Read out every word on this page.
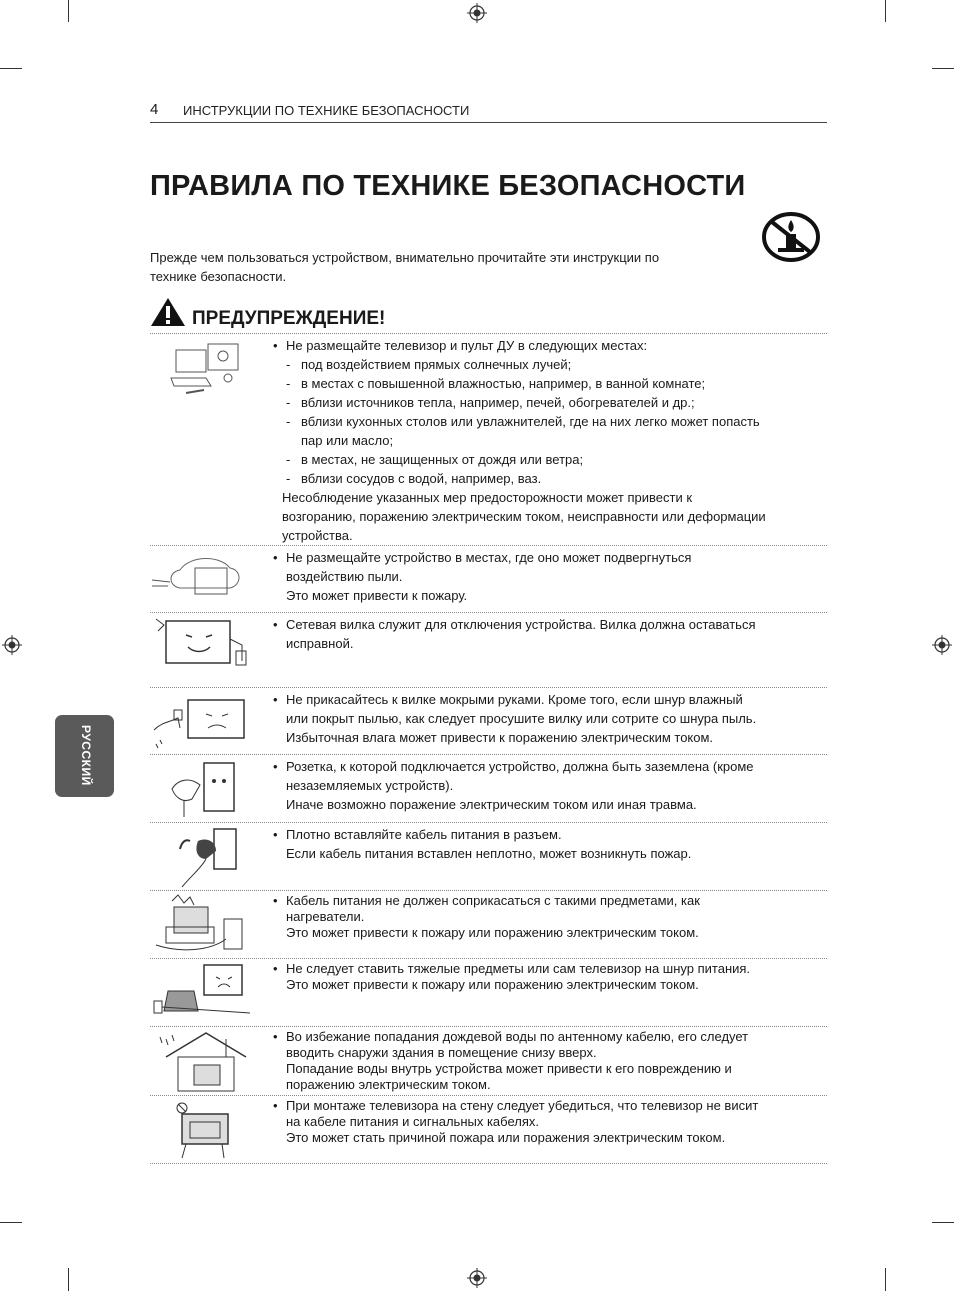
4 ИНСТРУКЦИИ ПО ТЕХНИКЕ БЕЗОПАСНОСТИ
ПРАВИЛА ПО ТЕХНИКЕ БЕЗОПАСНОСТИ
Прежде чем пользоваться устройством, внимательно прочитайте эти инструкции по
технике безопасности.
ПРЕДУПРЕЖДЕНИЕ!
РУССКИЙ
• Не размещайте телевизор и пульт ДУ в следующих местах:
- под воздействием прямых солнечных лучей;
- в местах с повышенной влажностью, например, в ванной комнате;
- вблизи источников тепла, например, печей, обогревателей и др.;
- вблизи кухонных столов или увлажнителей, где на них легко может попасть
пар или масло;
- в местах, не защищенных от дождя или ветра;
- вблизи сосудов с водой, например, ваз.
Несоблюдение указанных мер предосторожности может привести к
возгоранию, поражению электрическим током, неисправности или деформации
устройства.
• Не размещайте устройство в местах, где оно может подвергнуться
воздействию пыли.
Это может привести к пожару.
• Сетевая вилка служит для отключения устройства. Вилка должна оставаться
исправной.
• Не прикасайтесь к вилке мокрыми руками. Кроме того, если шнур влажный
или покрыт пылью, как следует просушите вилку или сотрите со шнура пыль.
Избыточная влага может привести к поражению электрическим током.
• Розетка, к которой подключается устройство, должна быть заземлена (кроме
незаземляемых устройств).
Иначе возможно поражение электрическим током или иная травма.
• Плотно вставляйте кабель питания в разъем.
Если кабель питания вставлен неплотно, может возникнуть пожар.
• Кабель питания не должен соприкасаться с такими предметами, как
нагреватели.
Это может привести к пожару или поражению электрическим током.
• Не следует ставить тяжелые предметы или сам телевизор на шнур питания.
Это может привести к пожару или поражению электрическим током.
• Во избежание попадания дождевой воды по антенному кабелю, его следует
вводить снаружи здания в помещение снизу вверх.
Попадание воды внутрь устройства может привести к его повреждению и
поражению электрическим током.
• При монтаже телевизора на стену следует убедиться, что телевизор не висит
на кабеле питания и сигнальных кабелях.
Это может стать причиной пожара или поражения электрическим током.
